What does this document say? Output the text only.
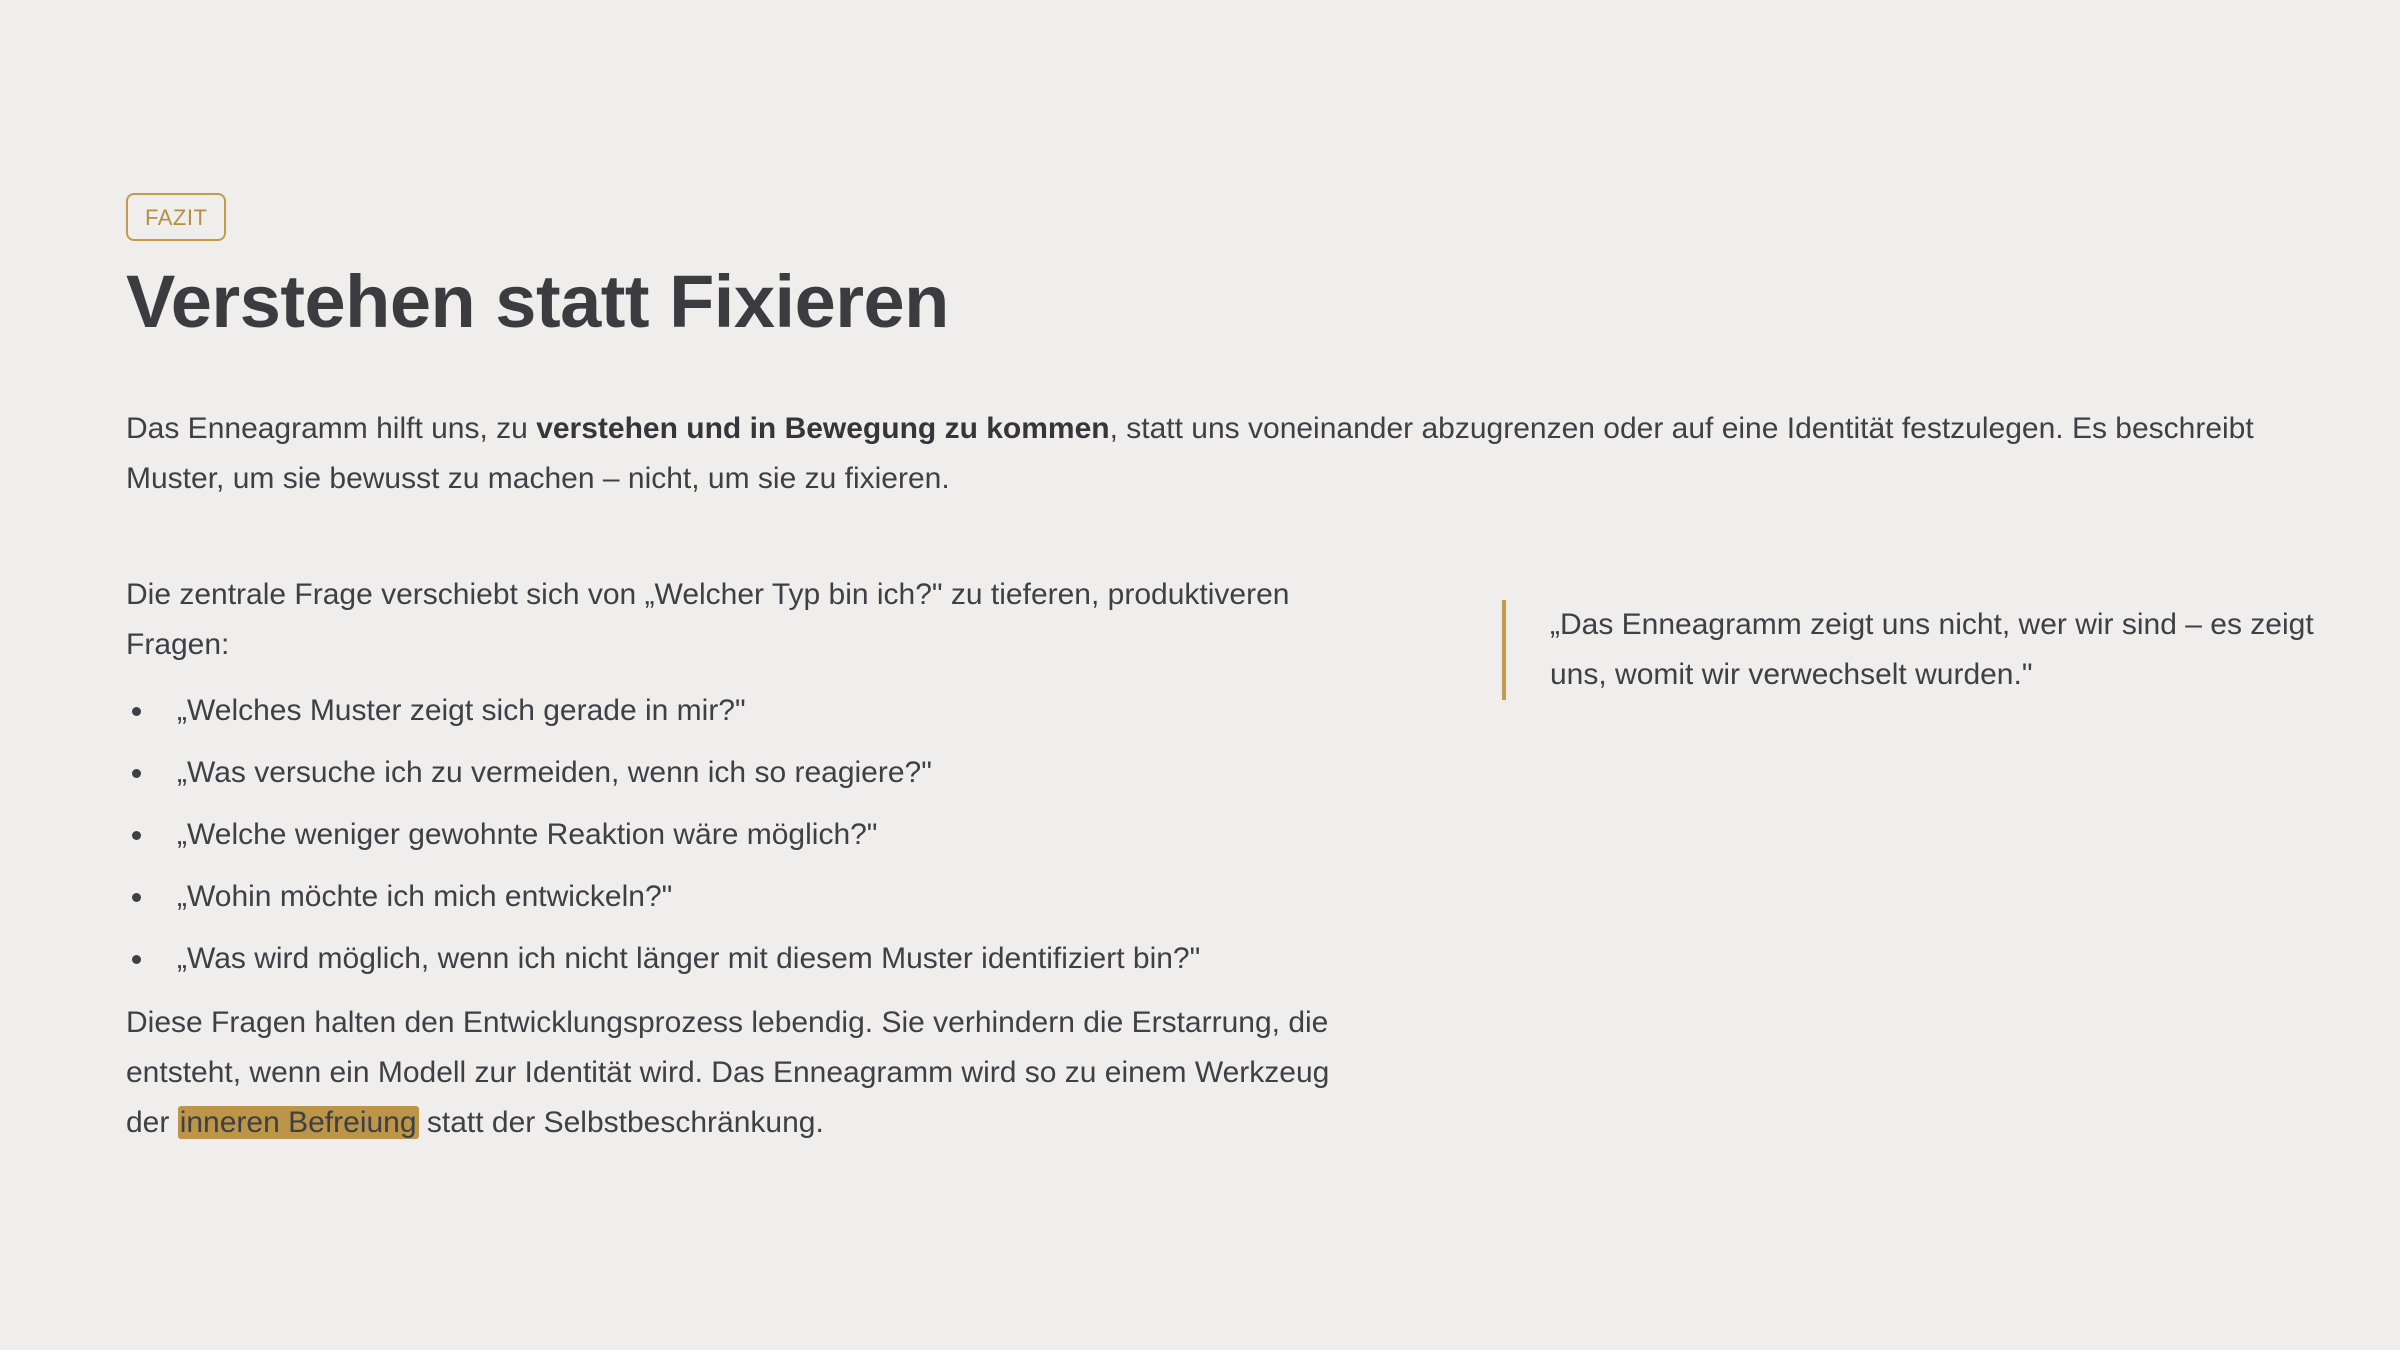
FAZIT
Verstehen statt Fixieren

Das Enneagramm hilft uns, zu verstehen und in Bewegung zu kommen, statt uns voneinander abzugrenzen oder auf eine Identität festzulegen. Es beschreibt Muster, um sie bewusst zu machen – nicht, um sie zu fixieren.

Die zentrale Frage verschiebt sich von „Welcher Typ bin ich?" zu tieferen, produktiveren Fragen:

„Welches Muster zeigt sich gerade in mir?"
„Was versuche ich zu vermeiden, wenn ich so reagiere?"
„Welche weniger gewohnte Reaktion wäre möglich?"
„Wohin möchte ich mich entwickeln?"
„Was wird möglich, wenn ich nicht länger mit diesem Muster identifiziert bin?"

Diese Fragen halten den Entwicklungsprozess lebendig. Sie verhindern die Erstarrung, die entsteht, wenn ein Modell zur Identität wird. Das Enneagramm wird so zu einem Werkzeug der inneren Befreiung statt der Selbstbeschränkung.

„Das Enneagramm zeigt uns nicht, wer wir sind – es zeigt uns, womit wir verwechselt wurden."
